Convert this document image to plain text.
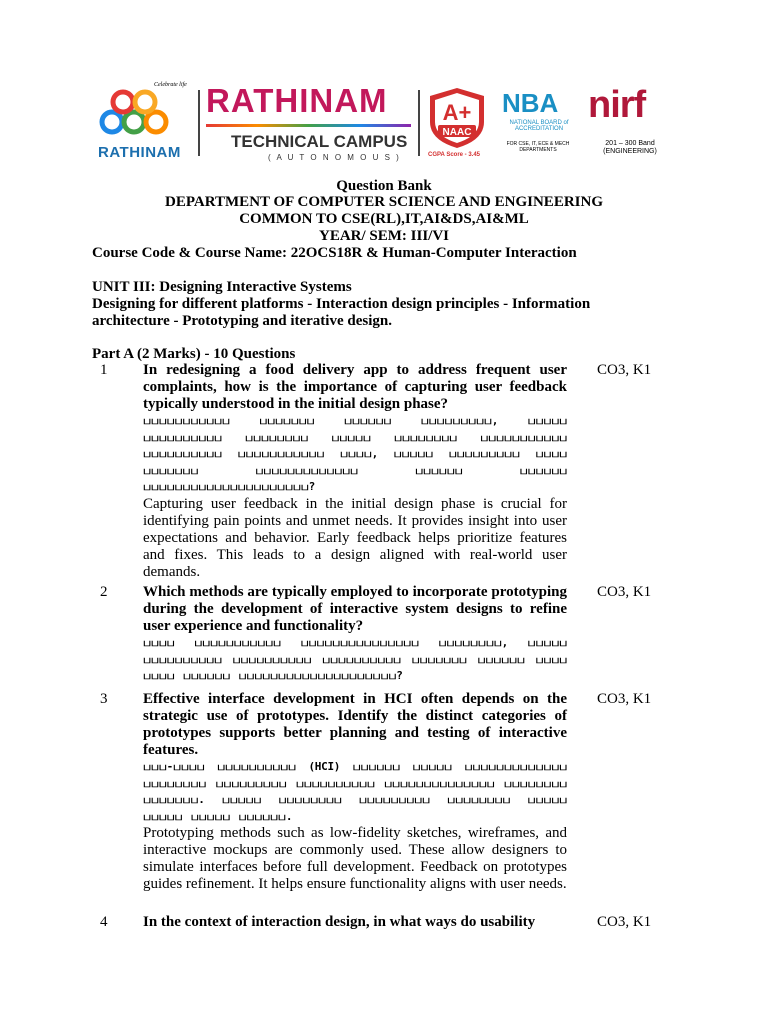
Celebrate life
RATHINAM
RATHINAM
TECHNICAL CAMPUS
( A U T O N O M O U S )
A+
NAAC
CGPA Score - 3.45
NBA
NATIONAL BOARD of ACCREDITATION
FOR CSE, IT, ECE & MECH DEPARTMENTS
nirf
201 – 300 Band (ENGINEERING)
Question Bank
DEPARTMENT OF COMPUTER SCIENCE AND ENGINEERING
COMMON TO CSE(RL),IT,AI&DS,AI&ML
YEAR/ SEM: III/VI
Course Code & Course Name: 22OCS18R & Human-Computer Interaction
UNIT III: Designing Interactive Systems
Designing for different platforms - Interaction design principles - Information
architecture - Prototyping and iterative design.
Part A (2 Marks) - 10 Questions
1 In redesigning a food delivery app to address frequent user complaints, how is the importance of capturing user feedback typically understood in the initial design phase?

பபபபபபபபபபப பபபபபபப பபபபபப பபபபபபபபப, பபபபப பபபபபபபபபப பபபபபபபப பபபபப பபபபபபபப பபபபபபபபபபப பபபபபபபபபப பபபபபபபபபபப பபபப, பபபபப பபபபபபபபப பபபப பபபபபபப பபபபபபபபபபபபப பபபபபப பபபபபப பபபபபபபபபபபபபபபபபபபபப?

Capturing user feedback in the initial design phase is crucial for identifying pain points and unmet needs. It provides insight into user expectations and behavior. Early feedback helps prioritize features and fixes. This leads to a design aligned with real-world user demands.

CO3, K1
2 Which methods are typically employed to incorporate prototyping during the development of interactive system designs to refine user experience and functionality?

பபபப பபபபபபபபபபப பபபபபபபபபபபபபபப பபபபபபபப, பபபபப பபபபபபபபபப பபபபபபபபபப பபபபபபபபபப பபபபபபப பபபபபப பபபப பபபப பபபபபப பபபபபபபபபபபபபபபபபபபப?

CO3, K1
3 Effective interface development in HCI often depends on the strategic use of prototypes. Identify the distinct categories of prototypes supports better planning and testing of interactive features.

பபப-பபபப பபபபபபபபபப (HCI) பபபபபப பபபபப பபபபபபபபபபபபப பபபபபபபப பபபபபபபபப பபபபபபபபபப பபபபபபபபபபபபபப பபபபபபபப பபபபபபப. பபபபப பபபபபபபப பபபபபபபபப பபபபபபபப பபபபப பபபபப பபபபப பபபபபப.

Prototyping methods such as low-fidelity sketches, wireframes, and interactive mockups are commonly used. These allow designers to simulate interfaces before full development. Feedback on prototypes guides refinement. It helps ensure functionality aligns with user needs.

CO3, K1
4 In the context of interaction design, in what ways do usability	CO3, K1
